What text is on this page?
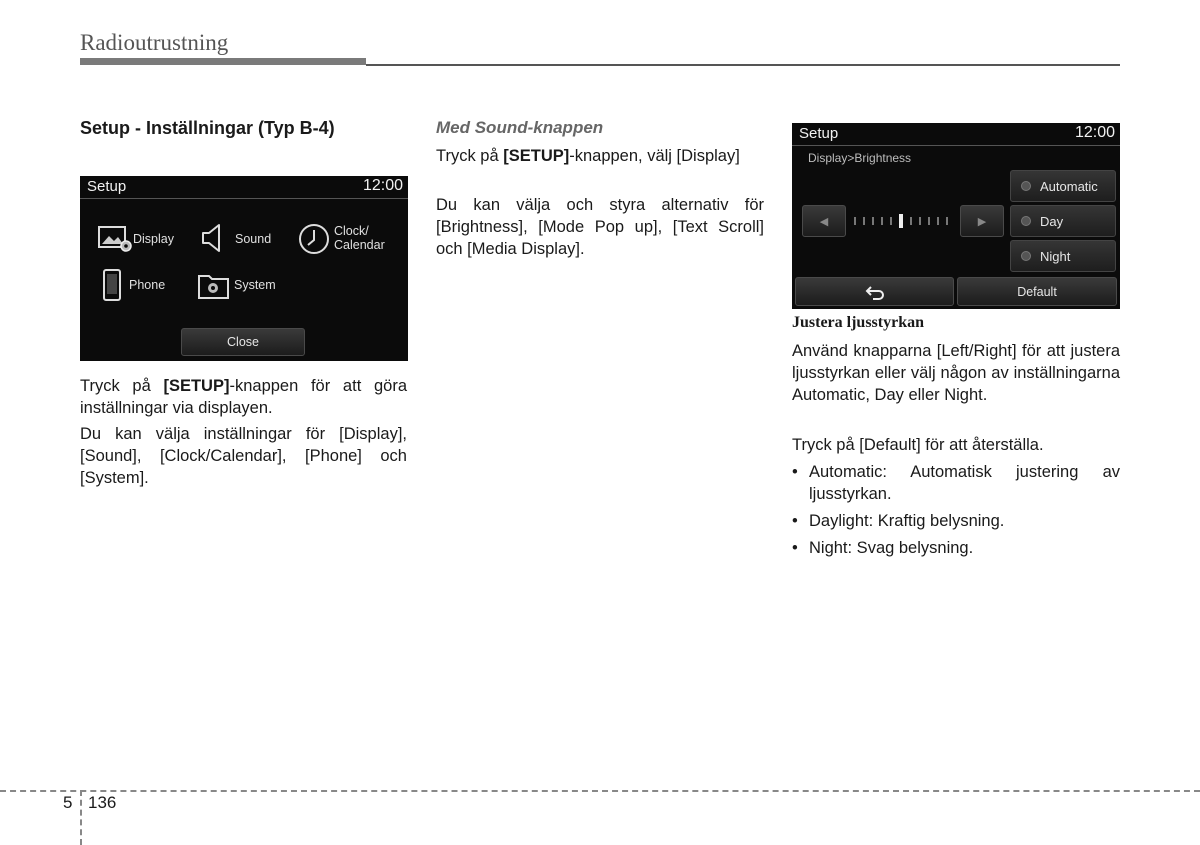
Radioutrustning
Setup - Inställningar (Typ B-4)
Setup	12:00
Display	Sound
Clock/
Calendar
Phone	System
Close

Tryck på [SETUP]-knappen för att göra inställningar via displayen.

Du kan välja inställningar för [Display], [Sound], [Clock/Calendar], [Phone] och [System].

Med Sound-knappen

Tryck på [SETUP]-knappen, välj [Display]

Du kan välja och styra alternativ för [Brightness], [Mode Pop up], [Text Scroll] och [Media Display].

Setup	12:00
Display>Brightness
◀	▶
Automatic
Day
Night
Default
Justera ljusstyrkan

Använd knapparna [Left/Right] för att justera ljusstyrkan eller välj någon av inställningarna Automatic, Day eller Night.

Tryck på [Default] för att återställa.

• Automatic: Automatisk justering av ljusstyrkan.
• Daylight: Kraftig belysning.
• Night: Svag belysning.
5 136
